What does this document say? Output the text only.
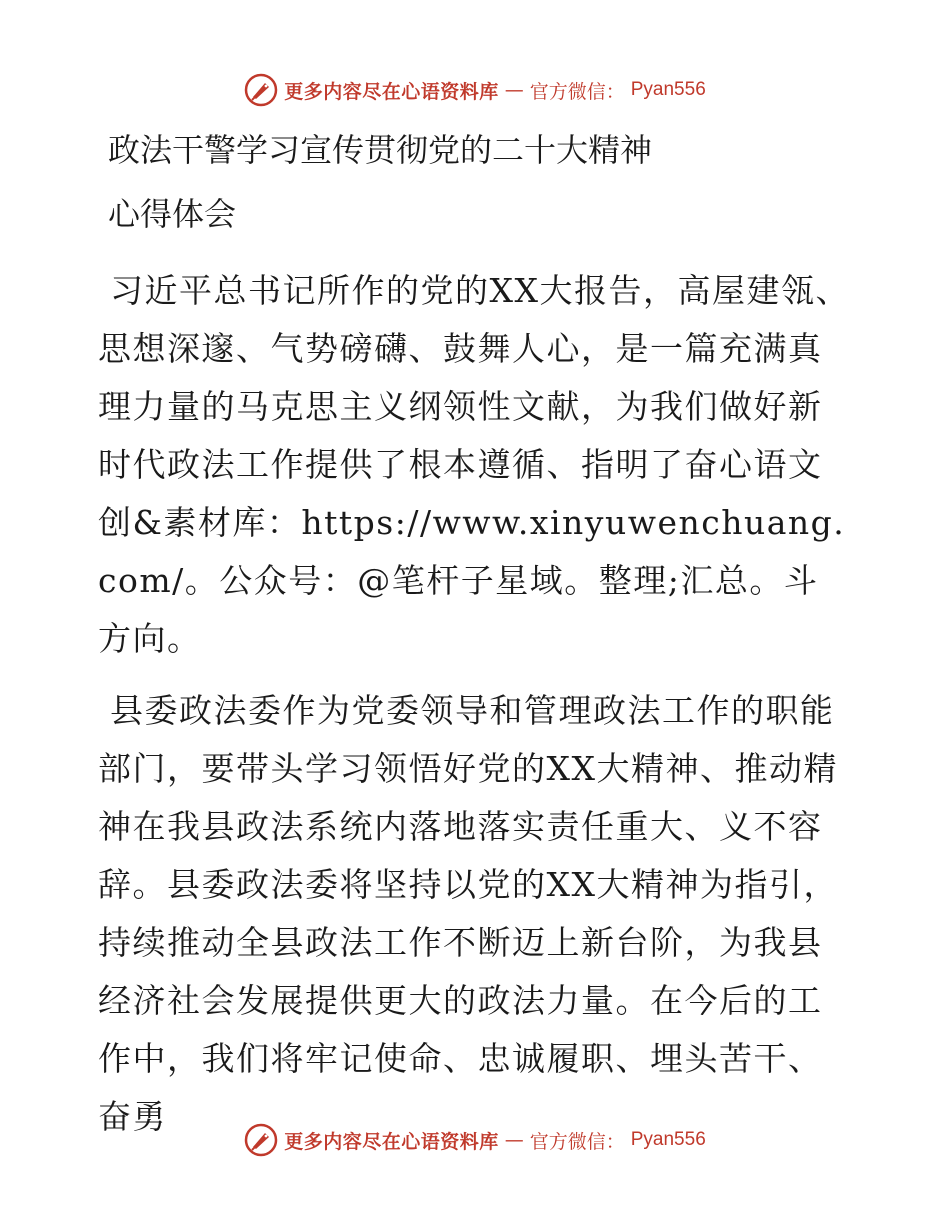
更多内容尽在心语资料库 — 官方微信： Pyan556
政法干警学习宣传贯彻党的二十大精神
心得体会

习近平总书记所作的党的XX大报告，高屋建瓴、思想深邃、气势磅礴、鼓舞人心，是一篇充满真理力量的马克思主义纲领性文献，为我们做好新时代政法工作提供了根本遵循、指明了奋心语文创&素材库：https://www.xinyuwenchuang.com/。公众号：@笔杆子星域。整理;汇总。斗方向。

县委政法委作为党委领导和管理政法工作的职能部门，要带头学习领悟好党的XX大精神、推动精神在我县政法系统内落地落实责任重大、义不容辞。县委政法委将坚持以党的XX大精神为指引，持续推动全县政法工作不断迈上新台阶，为我县经济社会发展提供更大的政法力量。在今后的工作中，我们将牢记使命、忠诚履职、埋头苦干、奋勇

更多内容尽在心语资料库 — 官方微信： Pyan556
